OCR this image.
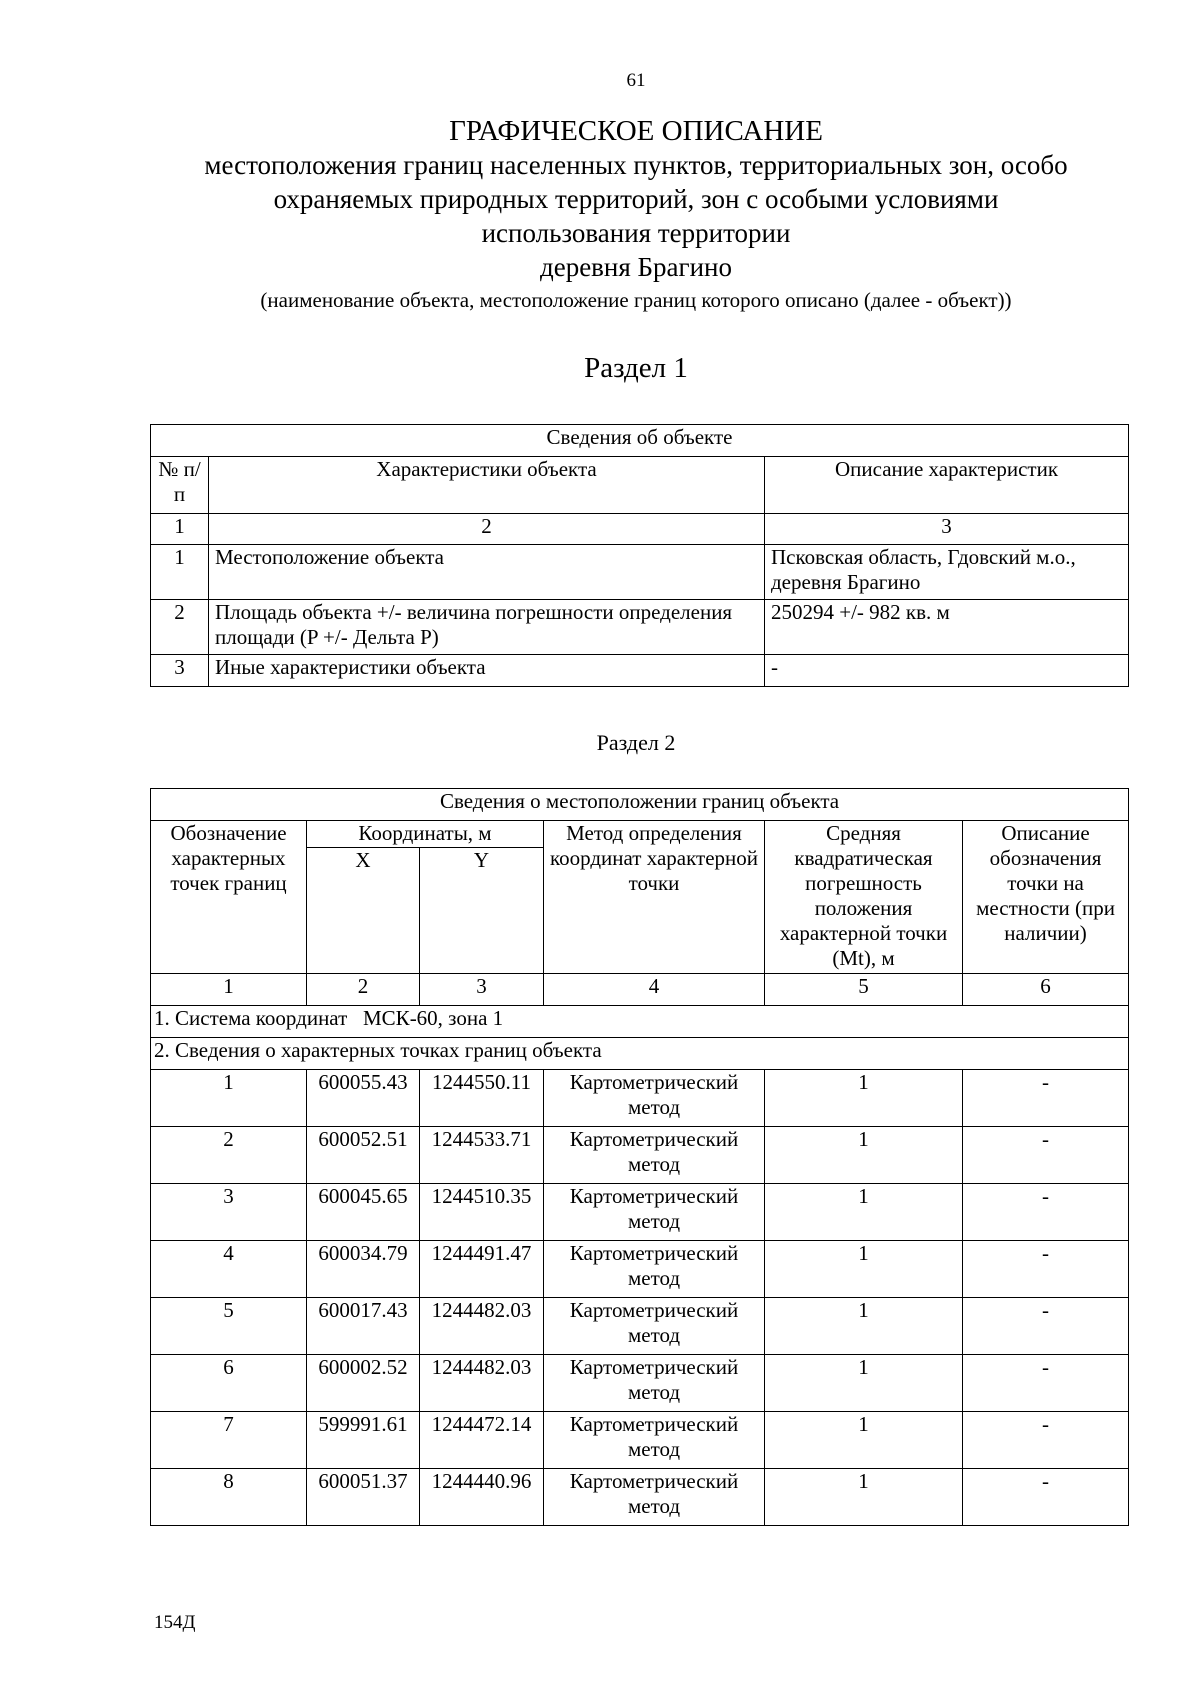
61
ГРАФИЧЕСКОЕ ОПИСАНИЕ
местоположения границ населенных пунктов, территориальных зон, особо
охраняемых природных территорий, зон с особыми условиями
использования территории
деревня Брагино
(наименование объекта, местоположение границ которого описано (далее - объект))
Раздел 1
Сведения об объекте		
№ п/п	Характеристики объекта	Описание характеристик
1	2	3
1	Местоположение объекта	Псковская область, Гдовский м.о., деревня Брагино
2	Площадь объекта +/- величина погрешности определения площади (P +/- Дельта P)	250294 +/- 982 кв. м
3	Иные характеристики объекта	-
Раздел 2
Сведения о местоположении границ объекта					
Обозначение характерных точек границ	Координаты, м		Метод определения координат характерной точки	Средняя квадратическая погрешность положения характерной точки (Mt), м	Описание обозначения точки на местности (при наличии)
	X	Y			
1	2	3	4	5	6
1. Система координат   МСК-60, зона 1					
2. Сведения о характерных точках границ объекта					
1	600055.43	1244550.11	Картометрический метод	1	-
2	600052.51	1244533.71	Картометрический метод	1	-
3	600045.65	1244510.35	Картометрический метод	1	-
4	600034.79	1244491.47	Картометрический метод	1	-
5	600017.43	1244482.03	Картометрический метод	1	-
6	600002.52	1244482.03	Картометрический метод	1	-
7	599991.61	1244472.14	Картометрический метод	1	-
8	600051.37	1244440.96	Картометрический метод	1	-
154Д
